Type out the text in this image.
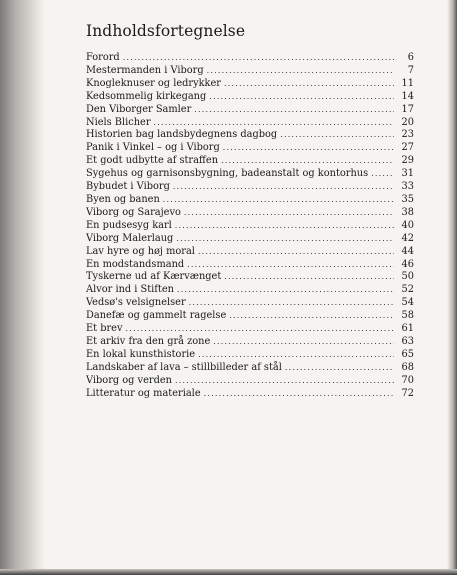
Indholdsfortegnelse
Forord .....	6
Mestermanden i Viborg .....	7
Knogleknuser og ledrykker .....	11
Kedsommelig kirkegang .....	14
Den Viborger Samler .....	17
Niels Blicher .....	20
Historien bag landsbydegnens dagbog .....	23
Panik i Vinkel – og i Viborg .....	27
Et godt udbytte af straffen .....	29
Sygehus og garnisonsbygning, badeanstalt og kontorhus .....	31
Bybudet i Viborg .....	33
Byen og banen .....	35
Viborg og Sarajevo .....	38
En pudsesyg karl .....	40
Viborg Malerlaug .....	42
Lav hyre og høj moral .....	44
En modstandsmand .....	46
Tyskerne ud af Kærvænget .....	50
Alvor ind i Stiften .....	52
Vedsø's velsignelser .....	54
Danefæ og gammelt ragelse .....	58
Et brev .....	61
Et arkiv fra den grå zone .....	63
En lokal kunsthistorie .....	65
Landskaber af lava – stillbilleder af stål .....	68
Viborg og verden .....	70
Litteratur og materiale .....	72
